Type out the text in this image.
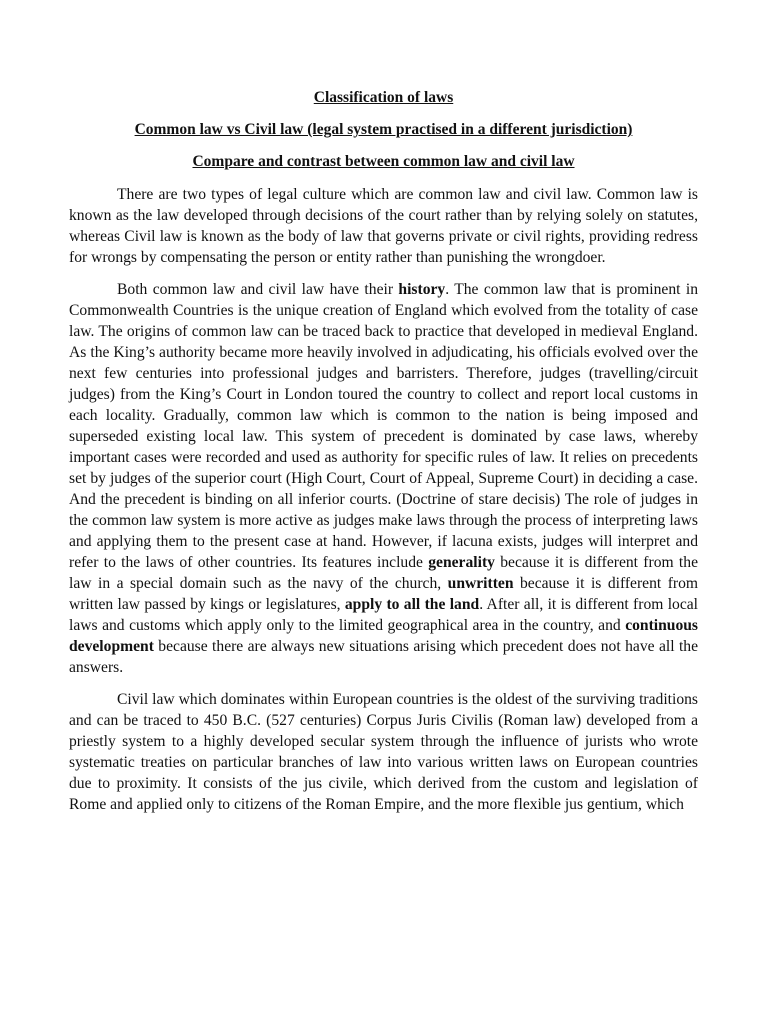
Classification of laws
Common law vs Civil law (legal system practised in a different jurisdiction)
Compare and contrast between common law and civil law

There are two types of legal culture which are common law and civil law. Common law is known as the law developed through decisions of the court rather than by relying solely on statutes, whereas Civil law is known as the body of law that governs private or civil rights, providing redress for wrongs by compensating the person or entity rather than punishing the wrongdoer.

Both common law and civil law have their history. The common law that is prominent in Commonwealth Countries is the unique creation of England which evolved from the totality of case law. The origins of common law can be traced back to practice that developed in medieval England. As the King’s authority became more heavily involved in adjudicating, his officials evolved over the next few centuries into professional judges and barristers. Therefore, judges (travelling/circuit judges) from the King’s Court in London toured the country to collect and report local customs in each locality. Gradually, common law which is common to the nation is being imposed and superseded existing local law. This system of precedent is dominated by case laws, whereby important cases were recorded and used as authority for specific rules of law. It relies on precedents set by judges of the superior court (High Court, Court of Appeal, Supreme Court) in deciding a case. And the precedent is binding on all inferior courts. (Doctrine of stare decisis) The role of judges in the common law system is more active as judges make laws through the process of interpreting laws and applying them to the present case at hand. However, if lacuna exists, judges will interpret and refer to the laws of other countries. Its features include generality because it is different from the law in a special domain such as the navy of the church, unwritten because it is different from written law passed by kings or legislatures, apply to all the land. After all, it is different from local laws and customs which apply only to the limited geographical area in the country, and continuous development because there are always new situations arising which precedent does not have all the answers.

Civil law which dominates within European countries is the oldest of the surviving traditions and can be traced to 450 B.C. (527 centuries) Corpus Juris Civilis (Roman law) developed from a priestly system to a highly developed secular system through the influence of jurists who wrote systematic treaties on particular branches of law into various written laws on European countries due to proximity. It consists of the jus civile, which derived from the custom and legislation of Rome and applied only to citizens of the Roman Empire, and the more flexible jus gentium, which
